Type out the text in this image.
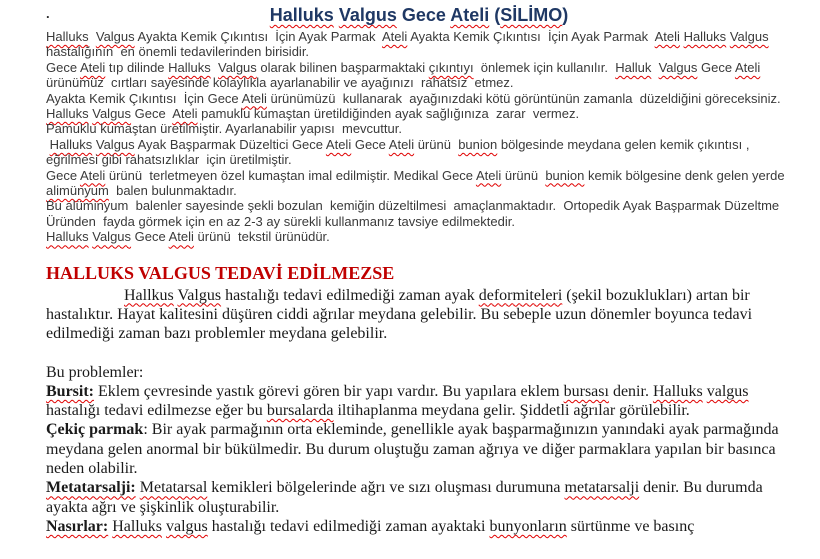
.	Halluks Valgus Gece Ateli (SİLİMO)

Halluks Valgus Ayakta Kemik Çıkıntısı  İçin Ayak Parmak  Ateli Ayakta Kemik Çıkıntısı  İçin Ayak Parmak  Ateli Halluks Valgus hastalığının  en önemli tedavilerinden birisidir.

Gece Ateli tıp dilinde Halluks Valgus olarak bilinen başparmaktaki çıkıntıyı  önlemek için kullanılır.  Halluk Valgus Gece Ateli ürünümüz  cırtları sayesinde kolaylıkla ayarlanabilir ve ayağınızı  rahatsız  etmez.

Ayakta Kemik Çıkıntısı  İçin Gece Ateli ürünümüzü  kullanarak  ayağınızdaki kötü görüntünün zamanla  düzeldiğini göreceksiniz. Halluks Valgus Gece  Ateli pamuklu kumaştan üretildiğinden ayak sağlığınıza  zarar  vermez.

Pamuklu kumaştan üretilmiştir. Ayarlanabilir yapısı  mevcuttur.

Halluks Valgus Ayak Başparmak Düzeltici Gece Ateli Gece Ateli ürünü  bunion bölgesinde meydana gelen kemik çıkıntısı , eğrilmesi gibi rahatsızlıklar  için üretilmiştir.

Gece Ateli ürünü  terletmeyen özel kumaştan imal edilmiştir. Medikal Gece Ateli ürünü  bunion kemik bölgesine denk gelen yerde alimünyum  balen bulunmaktadır.

Bu alüminyum  balenler sayesinde şekli bozulan  kemiğin düzeltilmesi  amaçlanmaktadır.  Ortopedik Ayak Başparmak Düzeltme Üründen  fayda görmek için en az 2-3 ay sürekli kullanmanız tavsiye edilmektedir.

Halluks Valgus Gece Ateli ürünü  tekstil ürünüdür.

HALLUKS VALGUS TEDAVİ EDİLMEZSE

Hallkus Valgus hastalığı tedavi edilmediği zaman ayak deformiteleri (şekil bozuklukları) artan bir hastalıktır. Hayat kalitesini düşüren ciddi ağrılar meydana gelebilir. Bu sebeple uzun dönemler boyunca tedavi edilmediği zaman bazı problemler meydana gelebilir.

Bu problemler:

Bursit: Eklem çevresinde yastık görevi gören bir yapı vardır. Bu yapılara eklem bursası denir. Halluks valgus hastalığı tedavi edilmezse eğer bu bursalarda iltihaplanma meydana gelir. Şiddetli ağrılar görülebilir.

Çekiç parmak: Bir ayak parmağının orta ekleminde, genellikle ayak başparmağınızın yanındaki ayak parmağında meydana gelen anormal bir bükülmedir. Bu durum oluştuğu zaman ağrıya ve diğer parmaklara yapılan bir basınca neden olabilir.

Metatarsalji: Metatarsal kemikleri bölgelerinde ağrı ve sızı oluşması durumuna metatarsalji denir. Bu durumda ayakta ağrı ve şişkinlik oluşturabilir.

Nasırlar: Halluks valgus hastalığı tedavi edilmediği zaman ayaktaki bunyonların sürtünme ve basınç
